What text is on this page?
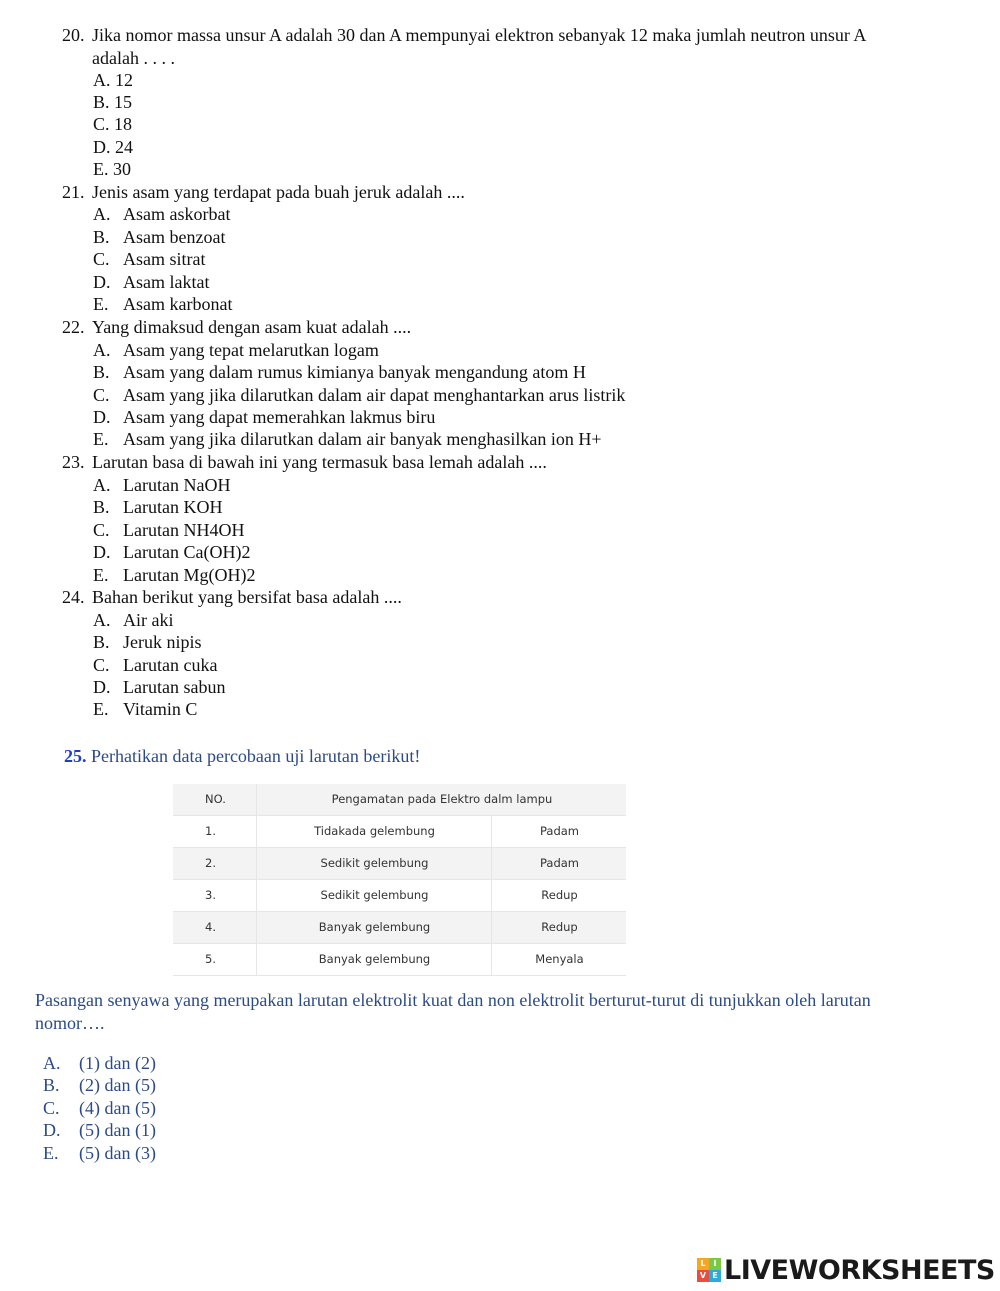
20. Jika nomor massa unsur A adalah 30 dan A mempunyai elektron sebanyak 12 maka jumlah neutron unsur A
adalah . . . .
A. 12
B. 15
C. 18
D. 24
E. 30
21. Jenis asam yang terdapat pada buah jeruk adalah ....
A. Asam askorbat
B. Asam benzoat
C. Asam sitrat
D. Asam laktat
E. Asam karbonat
22. Yang dimaksud dengan asam kuat adalah ....
A. Asam yang tepat melarutkan logam
B. Asam yang dalam rumus kimianya banyak mengandung atom H
C. Asam yang jika dilarutkan dalam air dapat menghantarkan arus listrik
D. Asam yang dapat memerahkan lakmus biru
E. Asam yang jika dilarutkan dalam air banyak menghasilkan ion H+
23. Larutan basa di bawah ini yang termasuk basa lemah adalah ....
A. Larutan NaOH
B. Larutan KOH
C. Larutan NH4OH
D. Larutan Ca(OH)2
E. Larutan Mg(OH)2
24. Bahan berikut yang bersifat basa adalah ....
A. Air aki
B. Jeruk nipis
C. Larutan cuka
D. Larutan sabun
E. Vitamin C
25. Perhatikan data percobaan uji larutan berikut!
NO.	Pengamatan pada Elektro dalm lampu
1.	Tidakada gelembung	Padam
2.	Sedikit gelembung	Padam
3.	Sedikit gelembung	Redup
4.	Banyak gelembung	Redup
5.	Banyak gelembung	Menyala
Pasangan senyawa yang merupakan larutan elektrolit kuat dan non elektrolit berturut-turut di tunjukkan oleh larutan
nomor….
A. (1) dan (2)
B. (2) dan (5)
C. (4) dan (5)
D. (5) dan (1)
E. (5) dan (3)
L I
V E LIVEWORKSHEETS
